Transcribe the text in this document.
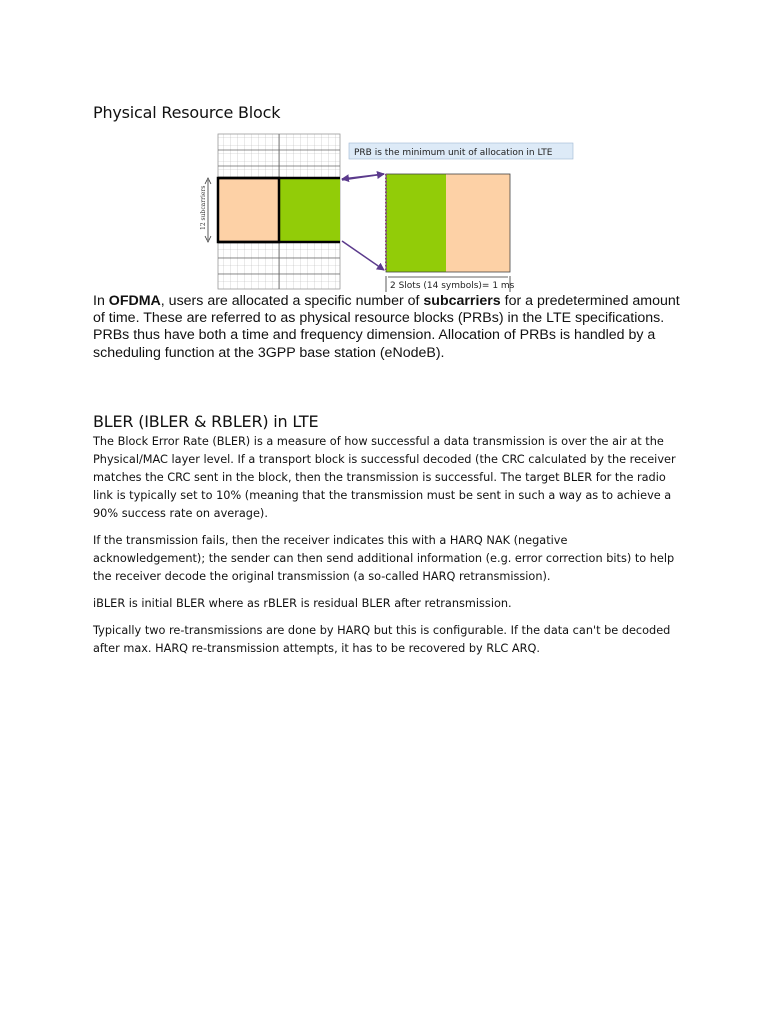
Physical Resource Block
12 subcarriers
PRB is the minimum unit of allocation in LTE
2 Slots (14 symbols)= 1 ms

In OFDMA, users are allocated a specific number of subcarriers for a predetermined amount of time. These are referred to as physical resource blocks (PRBs) in the LTE specifications. PRBs thus have both a time and frequency dimension. Allocation of PRBs is handled by a scheduling function at the 3GPP base station (eNodeB).

BLER (IBLER & RBLER) in LTE

The Block Error Rate (BLER) is a measure of how successful a data transmission is over the air at the Physical/MAC layer level. If a transport block is successful decoded (the CRC calculated by the receiver matches the CRC sent in the block, then the transmission is successful. The target BLER for the radio link is typically set to 10% (meaning that the transmission must be sent in such a way as to achieve a 90% success rate on average).

If the transmission fails, then the receiver indicates this with a HARQ NAK (negative acknowledgement); the sender can then send additional information (e.g. error correction bits) to help the receiver decode the original transmission (a so-called HARQ retransmission).

iBLER is initial BLER where as rBLER is residual BLER after retransmission.

Typically two re-transmissions are done by HARQ but this is configurable. If the data can't be decoded after max. HARQ re-transmission attempts, it has to be recovered by RLC ARQ.
